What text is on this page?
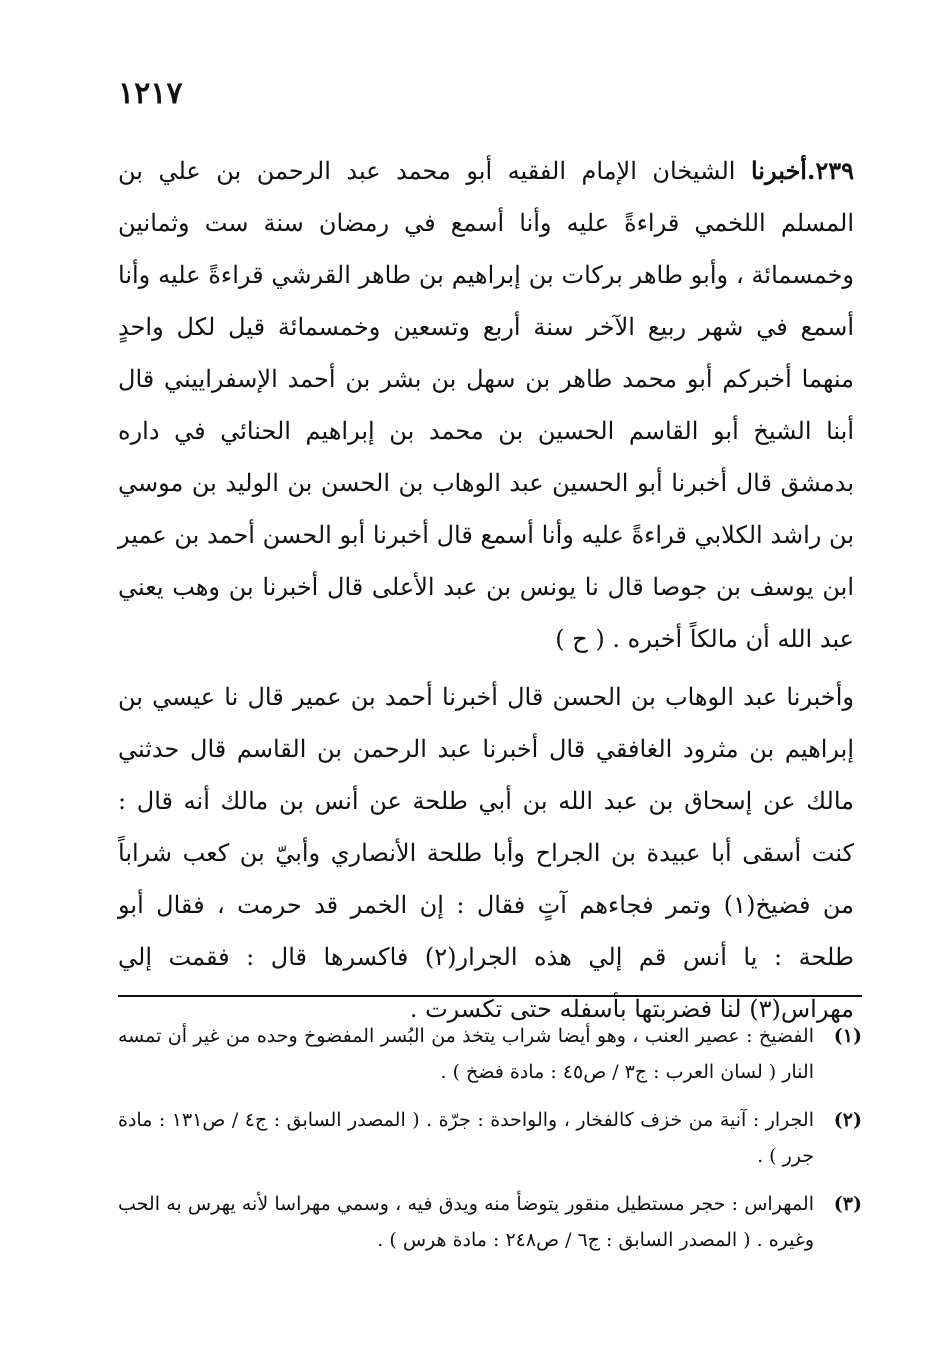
١٢١٧

٢٣٩.أخبرنا الشيخان الإمام الفقيه أبو محمد عبد الرحمن بن علي بن المسلم اللخمي قراءةً عليه وأنا أسمع في رمضان سنة ست وثمانين وخمسمائة ، وأبو طاهر بركات بن إبراهيم بن طاهر القرشي قراءةً عليه وأنا أسمع في شهر ربيع الآخر سنة أربع وتسعين وخمسمائة قيل لكل واحدٍ منهما أخبركم أبو محمد طاهر بن سهل بن بشر بن أحمد الإسفراييني قال أبنا الشيخ أبو القاسم الحسين بن محمد بن إبراهيم الحنائي في داره بدمشق قال أخبرنا أبو الحسين عبد الوهاب بن الحسن بن الوليد بن موسي بن راشد الكلابي قراءةً عليه وأنا أسمع قال أخبرنا أبو الحسن أحمد بن عمير ابن يوسف بن جوصا قال نا يونس بن عبد الأعلى قال أخبرنا بن وهب يعني عبد الله أن مالكاً أخبره . ( ح )

وأخبرنا عبد الوهاب بن الحسن قال أخبرنا أحمد بن عمير قال نا عيسي بن إبراهيم بن مثرود الغافقي قال أخبرنا عبد الرحمن بن القاسم قال حدثني مالك عن إسحاق بن عبد الله بن أبي طلحة عن أنس بن مالك أنه قال : كنت أسقى أبا عبيدة بن الجراح وأبا طلحة الأنصاري وأبيّ بن كعب شراباً من فضيخ(١) وتمر فجاءهم آتٍ فقال : إن الخمر قد حرمت ، فقال أبو طلحة : يا أنس قم إلي هذه الجرار(٢) فاكسرها قال : فقمت إلي مهراس(٣) لنا فضربتها بأسفله حتى تكسرت .

(١)
الفضيخ : عصير العنب ، وهو أيضا شراب يتخذ من البُسر المفضوخ وحده من غير أن تمسه النار ( لسان العرب : ج٣ / ص٤٥ : مادة فضخ ) .
(٢)
الجرار : آنية من خزف كالفخار ، والواحدة : جرّة . ( المصدر السابق : ج٤ / ص١٣١ : مادة جرر ) .
(٣)
المهراس : حجر مستطيل منقور يتوضأ منه ويدق فيه ، وسمي مهراسا لأنه يهرس به الحب وغيره . ( المصدر السابق : ج٦ / ص٢٤٨ : مادة هرس ) .
